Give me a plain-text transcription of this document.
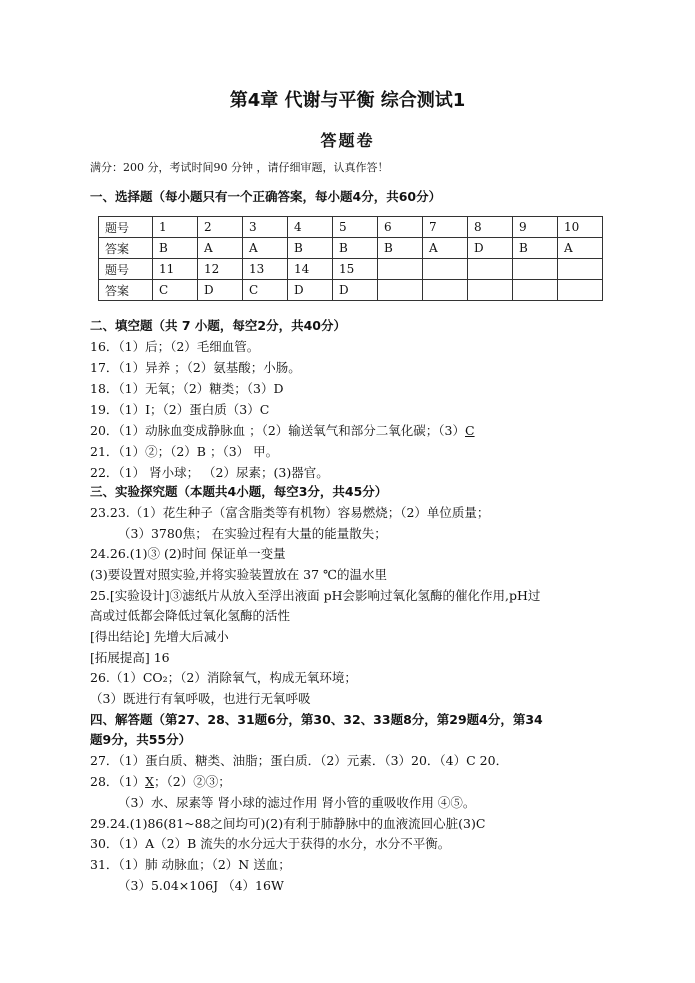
第4章 代谢与平衡 综合测试1
答题卷
满分：200 分，考试时间90 分钟 ，请仔细审题，认真作答！
一、选择题（每小题只有一个正确答案，每小题4分，共60分）
题号	1	2	3	4	5	6	7	8	9	10
答案	B	A	A	B	B	B	A	D	B	A
题号	11	12	13	14	15					
答案	C	D	C	D	D					
二、填空题（共 7 小题，每空2分，共40分）
16．（1）后；（2）毛细血管。
17．（1）异养 ；（2）氨基酸；小肠。
18．（1）无氧；（2）糖类；（3）D
19．（1）Ⅰ；（2）蛋白质（3）C
20．（1）动脉血变成静脉血 ；（2）输送氧气和部分二氧化碳；（3）C
21．（1）②；（2）B ；（3） 甲。
22．（1） 肾小球； （2）尿素；(3)器官。
三、实验探究题（本题共4小题，每空3分，共45分）
23.23.（1）花生种子（富含脂类等有机物）容易燃烧；（2）单位质量；
（3）3780焦； 在实验过程有大量的能量散失；
24.26.(1)③ (2)时间 保证单一变量
(3)要设置对照实验,并将实验装置放在 37 ℃的温水里
25.[实验设计]③滤纸片从放入至浮出液面 pH会影响过氧化氢酶的催化作用,pH过
高或过低都会降低过氧化氢酶的活性
[得出结论] 先增大后减小
[拓展提高] 16
26.（1）CO₂；（2）消除氧气，构成无氧环境；
（3）既进行有氧呼吸，也进行无氧呼吸
四、解答题（第27、28、31题6分，第30、32、33题8分，第29题4分，第34
题9分，共55分）
27．（1）蛋白质、糖类、油脂；蛋白质．（2）元素．（3）20．（4）C 20．
28．（1）X；（2）②③；
（3）水、尿素等 肾小球的滤过作用 肾小管的重吸收作用 ④⑤。
29.24.(1)86(81~88之间均可)(2)有利于肺静脉中的血液流回心脏(3)C
30．（1）A（2）B 流失的水分远大于获得的水分，水分不平衡。
31．（1）肺 动脉血；（2）N 送血；
（3）5.04×106J （4）16W
